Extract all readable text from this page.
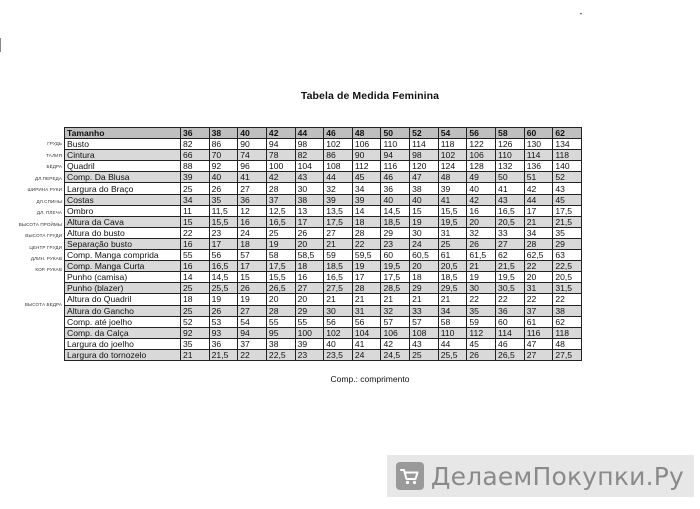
•
Tabela de Medida Feminina
ГРУДЬ
ТАЛИЯ
БЁДРА
ДЛ.ПЕРЕДА
ШИРИНА РУКИ
ДЛ.СПИНЫ
ДЛ. ПЛЕЧА
ВЫСОТА ПРОЙМЫ
ВЫСОТА ГРУДИ
ЦЕНТР ГРУДИ
ДЛИН. РУКАВ
КОР. РУКАВ
ВЫСОТА БЕДРА
Tamanho	36	38	40	42	44	46	48	50	52	54	56	58	60	62
Busto	82	86	90	94	98	102	106	110	114	118	122	126	130	134
Cintura	66	70	74	78	82	86	90	94	98	102	106	110	114	118
Quadril	88	92	96	100	104	108	112	116	120	124	128	132	136	140
Comp. Da Blusa	39	40	41	42	43	44	45	46	47	48	49	50	51	52
Largura do Braço	25	26	27	28	30	32	34	36	38	39	40	41	42	43
Costas	34	35	36	37	38	39	39	40	40	41	42	43	44	45
Ombro	11	11,5	12	12,5	13	13,5	14	14,5	15	15,5	16	16,5	17	17,5
Altura da Cava	15	15,5	16	16,5	17	17,5	18	18,5	19	19,5	20	20,5	21	21,5
Altura do busto	22	23	24	25	26	27	28	29	30	31	32	33	34	35
Separação busto	16	17	18	19	20	21	22	23	24	25	26	27	28	29
Comp. Manga comprida	55	56	57	58	58,5	59	59,5	60	60,5	61	61,5	62	62,5	63
Comp. Manga Curta	16	16,5	17	17,5	18	18,5	19	19,5	20	20,5	21	21,5	22	22,5
Punho (camisa)	14	14,5	15	15,5	16	16,5	17	17,5	18	18,5	19	19,5	20	20,5
Punho (blazer)	25	25,5	26	26,5	27	27,5	28	28,5	29	29,5	30	30,5	31	31,5
Altura do Quadril	18	19	19	20	20	21	21	21	21	21	22	22	22	22
Altura do Gancho	25	26	27	28	29	30	31	32	33	34	35	36	37	38
Comp. até joelho	52	53	54	55	55	56	56	57	57	58	59	60	61	62
Comp. da Calça	92	93	94	95	100	102	104	106	108	110	112	114	116	118
Largura do joelho	35	36	37	38	39	40	41	42	43	44	45	46	47	48
Largura do tornozelo	21	21,5	22	22,5	23	23,5	24	24,5	25	25,5	26	26,5	27	27,5
Comp.: comprimento
ДелаемПокупки.Ру
